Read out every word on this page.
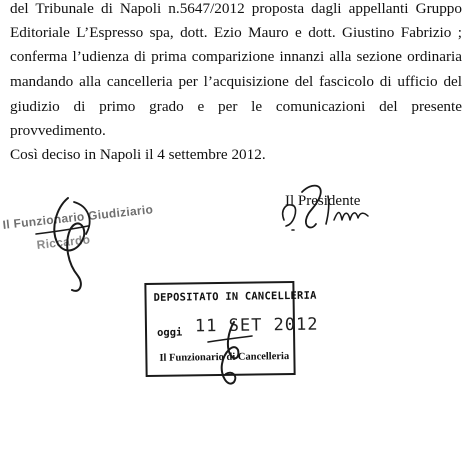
del Tribunale di Napoli n.5647/2012 proposta dagli appellanti Gruppo
Editoriale L’Espresso spa, dott. Ezio Mauro e dott. Giustino Fabrizio ;
conferma l’udienza di prima comparizione innanzi alla sezione ordinaria
mandando alla cancelleria per l’acquisizione del fascicolo di ufficio del
giudizio di primo grado e per le comunicazioni del presente
provvedimento.
Così deciso in Napoli il 4 settembre 2012.
Il Presidente
Il Funzionario Giudiziario
Riccardo
DEPOSITATO IN CANCELLERIA
oggi 11 SET 2012
Il Funzionario di Cancelleria
